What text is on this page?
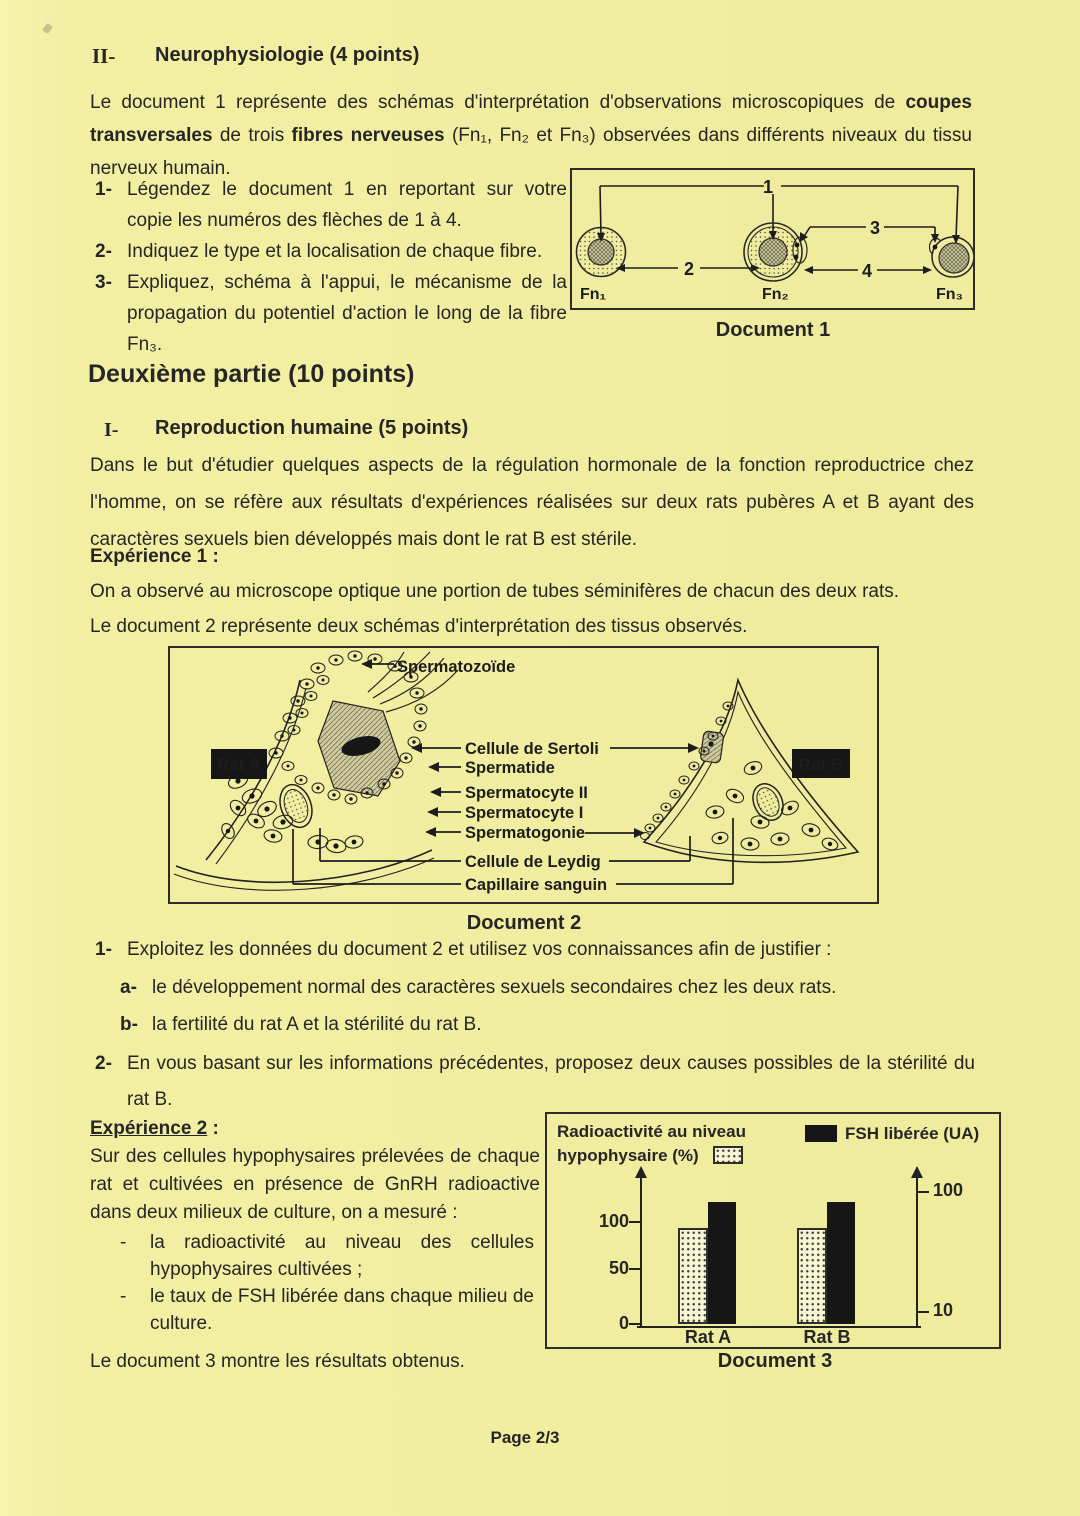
II- Neurophysiologie (4 points)
Le document 1 représente des schémas d'interprétation d'observations microscopiques de coupes transversales de trois fibres nerveuses (Fn₁, Fn₂ et Fn₃) observées dans différents niveaux du tissu nerveux humain.
1- Légendez le document 1 en reportant sur votre copie les numéros des flèches de 1 à 4.
2- Indiquez le type et la localisation de chaque fibre.
3- Expliquez, schéma à l'appui, le mécanisme de la propagation du potentiel d'action le long de la fibre Fn₃.
1
2
3
4
Fn₁	Fn₂	Fn₃
Document 1
Deuxième partie (10 points)
I- Reproduction humaine (5 points)
Dans le but d'étudier quelques aspects de la régulation hormonale de la fonction reproductrice chez l'homme, on se réfère aux résultats d'expériences réalisées sur deux rats pubères A et B ayant des caractères sexuels bien développés mais dont le rat B est stérile.
Expérience 1 :
On a observé au microscope optique une portion de tubes séminifères de chacun des deux rats.
Le document 2 représente deux schémas d'interprétation des tissus observés.
Rat A	Rat B
Spermatozoïde
Cellule de Sertoli
Spermatide
Spermatocyte II
Spermatocyte I
Spermatogonie
Cellule de Leydig
Capillaire sanguin
Document 2
1- Exploitez les données du document 2 et utilisez vos connaissances afin de justifier :
a- le développement normal des caractères sexuels secondaires chez les deux rats.
b- la fertilité du rat A et la stérilité du rat B.
2- En vous basant sur les informations précédentes, proposez deux causes possibles de la stérilité du rat B.
Expérience 2 :

Sur des cellules hypophysaires prélevées de chaque rat et cultivées en présence de GnRH radioactive dans deux milieux de culture, on a mesuré :

-	la radioactivité au niveau des cellules hypophysaires cultivées ;
-	le taux de FSH libérée dans chaque milieu de culture.
Le document 3 montre les résultats obtenus.
Radioactivité au niveau
hypophysaire (%)
FSH libérée (UA)
100
50
0
100
10
Rat A	Rat B
Document 3
Page 2/3
